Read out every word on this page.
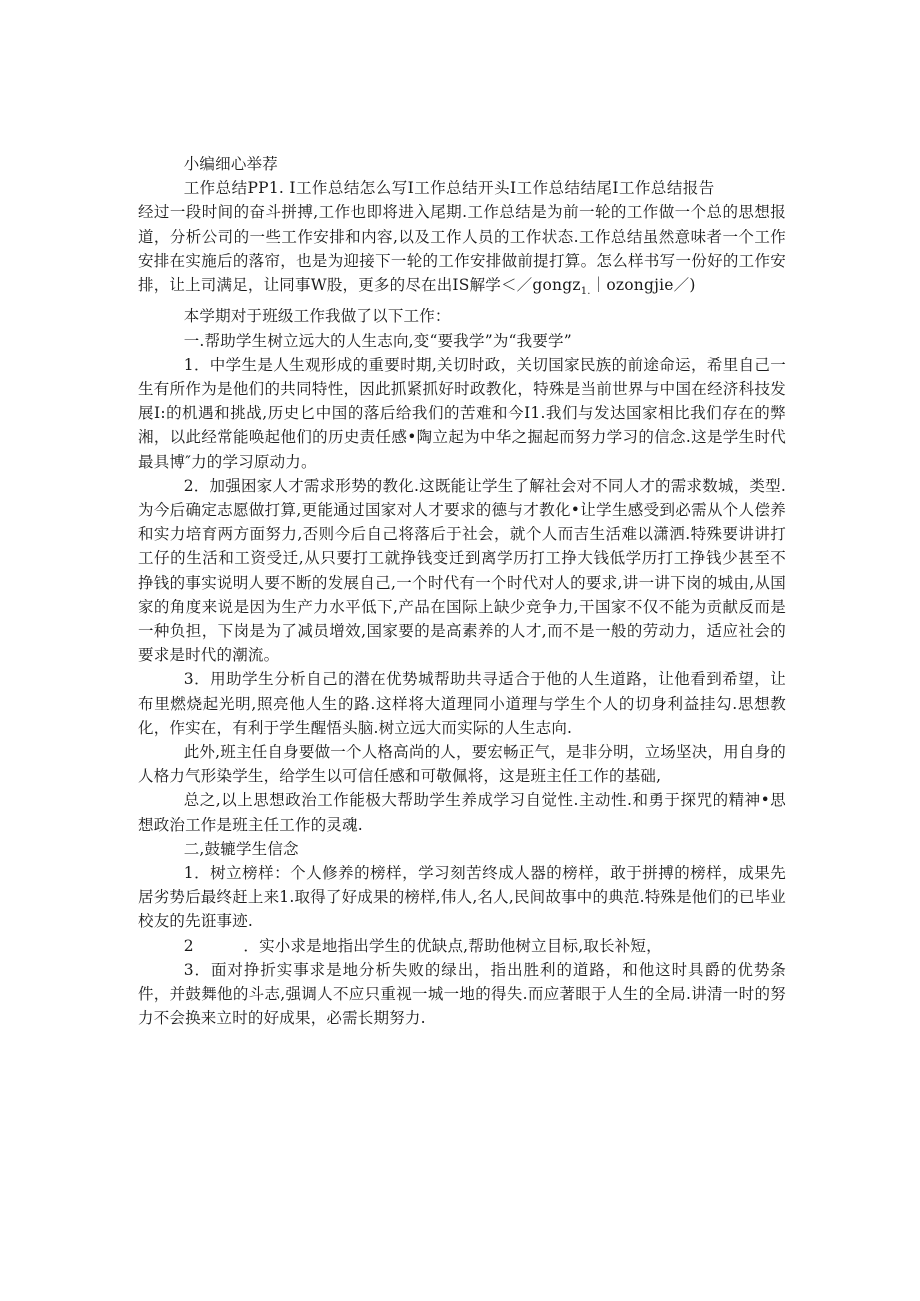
小编细心举荐

工作总结PP1. I工作总结怎么写I工作总结开头I工作总结结尾I工作总结报告经过一段时间的奋斗拼搏,工作也即将进入尾期.工作总结是为前一轮的工作做一个总的思想报道，分析公司的一些工作安排和内容,以及工作人员的工作状态.工作总结虽然意味者一个工作安排在实施后的落帘，也是为迎接下一轮的工作安排做前提打算。怎么样书写一份好的工作安排，让上司满足，让同事W股，更多的尽在出IS解学＜／gongz$_{1.}$｜ozongjie／)

本学期对于班级工作我做了以下工作：

一.帮助学生树立远大的人生志向,变“要我学”为“我要学”

1．中学生是人生观形成的重要时期,关切时政，关切国家民族的前途命运，希里自己一生有所作为是他们的共同特性，因此抓紧抓好时政教化，特殊是当前世界与中国在经济科技发展I:的机遇和挑战,历史匕中国的落后给我们的苦难和今I1.我们与发达国家相比我们存在的弊湘，以此经常能唤起他们的历史责任感•陶立起为中华之掘起而努力学习的信念.这是学生时代最具博″力的学习原动力。

2．加强困家人才需求形势的教化.这既能让学生了解社会对不同人才的需求数城，类型.为今后确定志愿做打算,更能通过国家对人才要求的德与才教化•让学生感受到必需从个人偿养和实力培育两方面努力,否则今后自己将落后于社会，就个人而吉生活难以潇洒.特殊要讲讲打工仔的生活和工资受迁,从只要打工就挣钱变迁到离学历打工挣大钱低学历打工挣钱少甚至不挣钱的事实说明人要不断的发展自己,一个时代有一个时代对人的要求,讲一讲下岗的城由,从国家的角度来说是因为生产力水平低下,产品在国际上缺少竞争力,干国家不仅不能为贡献反而是一种负担，下岗是为了减员增效,国家要的是高素养的人才,而不是一般的劳动力，适应社会的要求是时代的潮流。

3．用助学生分析自己的潜在优势城帮助共寻适合于他的人生道路，让他看到希望，让布里燃烧起光明,照亮他人生的路.这样将大道理同小道理与学生个人的切身利益挂勾.思想教化，作实在，有利于学生醒悟头脑.树立远大而实际的人生志向.

此外,班主任自身要做一个人格高尚的人，要宏畅正气，是非分明，立场坚决，用自身的人格力气形染学生，给学生以可信任感和可敬佩将，这是班主任工作的基础,

总之,以上思想政治工作能极大帮助学生养成学习自觉性.主动性.和勇于探咒的精神•思想政治工作是班主任工作的灵魂.

二,鼓辘学生信念

1．树立榜样：个人修养的榜样，学习刻苦终成人器的榜样，敢于拼搏的榜样，成果先居劣势后最终赶上来1.取得了好成果的榜样,伟人,名人,民间故事中的典范.特殊是他们的已毕业校友的先诳事迹.

2	．实小求是地指出学生的优缺点,帮助他树立目标,取长补短，

3．面对挣折实事求是地分析失败的绿出，指出胜利的道路，和他这时具爵的优势条件，并鼓舞他的斗志,强调人不应只重视一城一地的得失.而应著眼于人生的全局.讲清一时的努力不会换来立时的好成果，必需长期努力.
